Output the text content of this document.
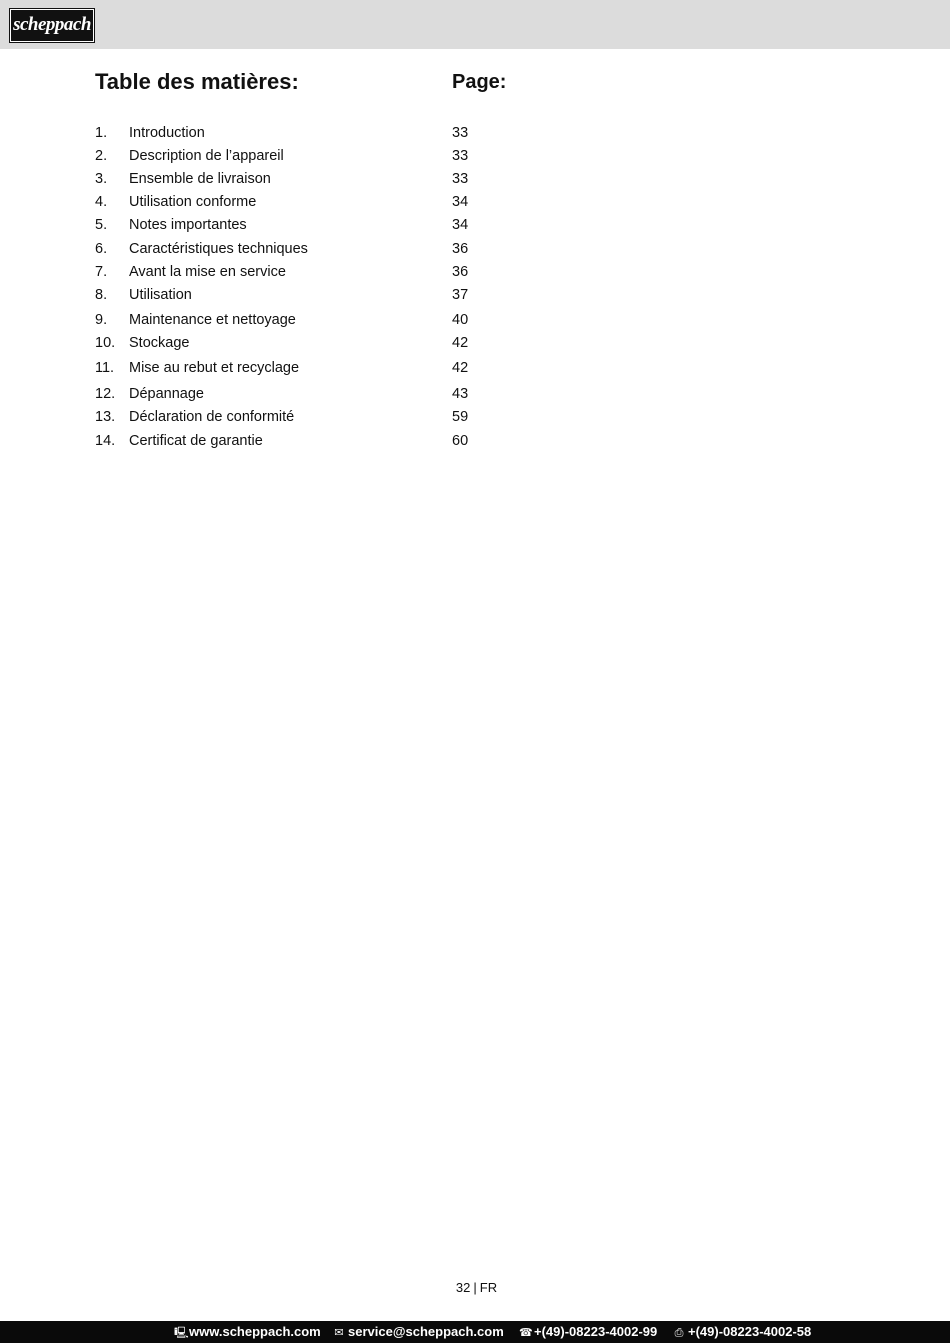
scheppach
Table des matières:	Page:
1. Introduction	33
2. Description de l’appareil	33
3. Ensemble de livraison	33
4. Utilisation conforme	34
5. Notes importantes	34
6. Caractéristiques techniques	36
7. Avant la mise en service	36
8. Utilisation	37
9. Maintenance et nettoyage	40
10. Stockage	42
11. Mise au rebut et recyclage	42
12. Dépannage	43
13. Déclaration de conformité	59
14. Certificat de garantie	60
32 | FR
🖳www.scheppach.com ✉ service@scheppach.com ☎+(49)-08223-4002-99 ⎙ +(49)-08223-4002-58
